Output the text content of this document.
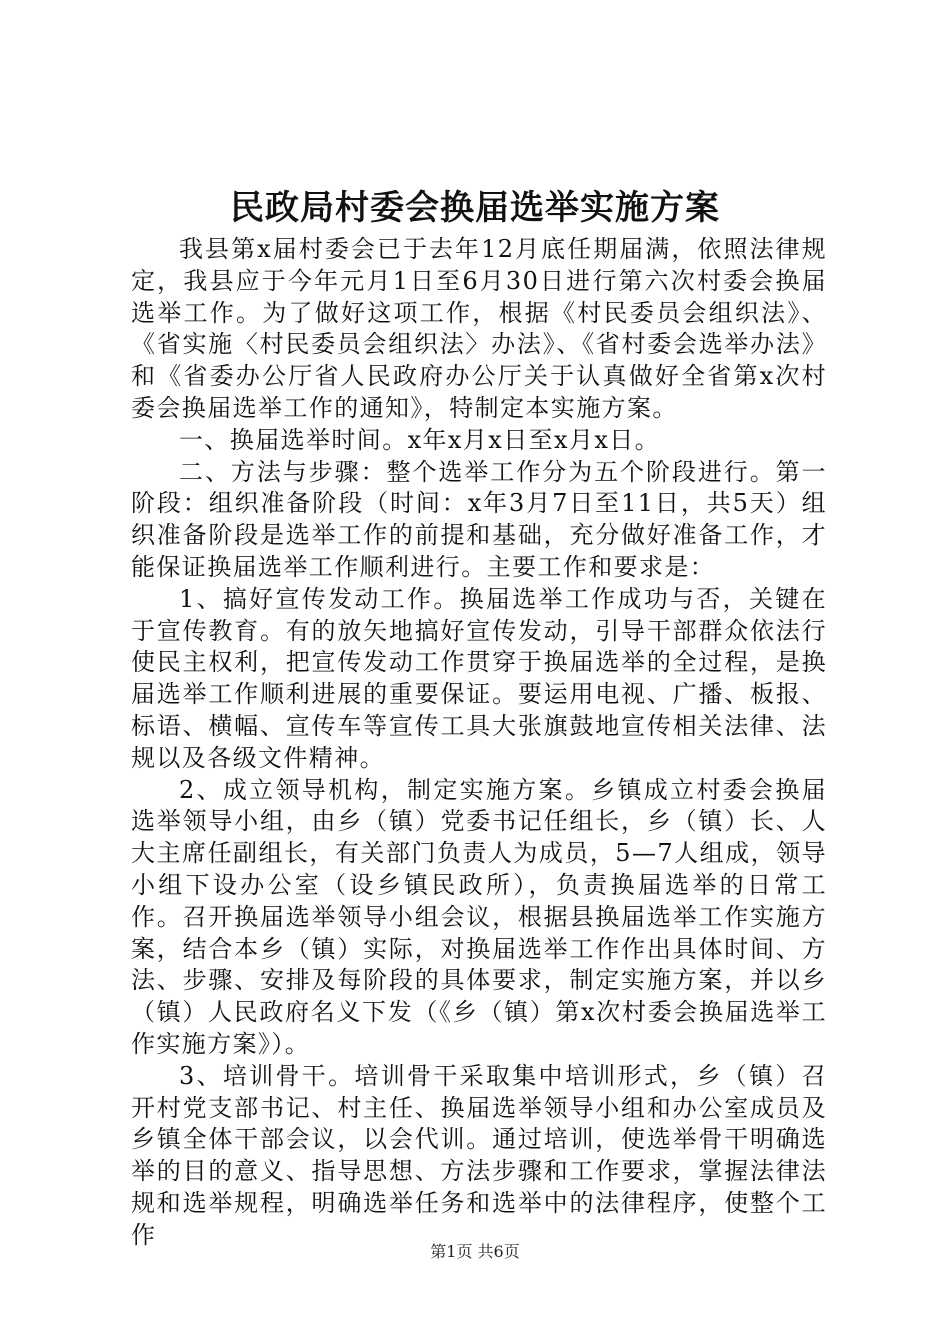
民政局村委会换届选举实施方案

我县第x届村委会已于去年12月底任期届满，依照法律规定，我县应于今年元月1日至6月30日进行第六次村委会换届选举工作。为了做好这项工作，根据《村民委员会组织法》、《省实施〈村民委员会组织法〉办法》、《省村委会选举办法》和《省委办公厅省人民政府办公厅关于认真做好全省第x次村委会换届选举工作的通知》，特制定本实施方案。

一、换届选举时间。x年x月x日至x月x日。

二、方法与步骤：整个选举工作分为五个阶段进行。第一阶段：组织准备阶段（时间：x年3月7日至11日，共5天）组织准备阶段是选举工作的前提和基础，充分做好准备工作，才能保证换届选举工作顺利进行。主要工作和要求是：

1、搞好宣传发动工作。换届选举工作成功与否，关键在于宣传教育。有的放矢地搞好宣传发动，引导干部群众依法行使民主权利，把宣传发动工作贯穿于换届选举的全过程，是换届选举工作顺利进展的重要保证。要运用电视、广播、板报、标语、横幅、宣传车等宣传工具大张旗鼓地宣传相关法律、法规以及各级文件精神。

2、成立领导机构，制定实施方案。乡镇成立村委会换届选举领导小组，由乡（镇）党委书记任组长，乡（镇）长、人大主席任副组长，有关部门负责人为成员，5—7人组成，领导小组下设办公室（设乡镇民政所），负责换届选举的日常工作。召开换届选举领导小组会议，根据县换届选举工作实施方案，结合本乡（镇）实际，对换届选举工作作出具体时间、方法、步骤、安排及每阶段的具体要求，制定实施方案，并以乡（镇）人民政府名义下发（《乡（镇）第x次村委会换届选举工作实施方案》）。

3、培训骨干。培训骨干采取集中培训形式，乡（镇）召开村党支部书记、村主任、换届选举领导小组和办公室成员及乡镇全体干部会议，以会代训。通过培训，使选举骨干明确选举的目的意义、指导思想、方法步骤和工作要求，掌握法律法规和选举规程，明确选举任务和选举中的法律程序，使整个工作

第1页 共6页
